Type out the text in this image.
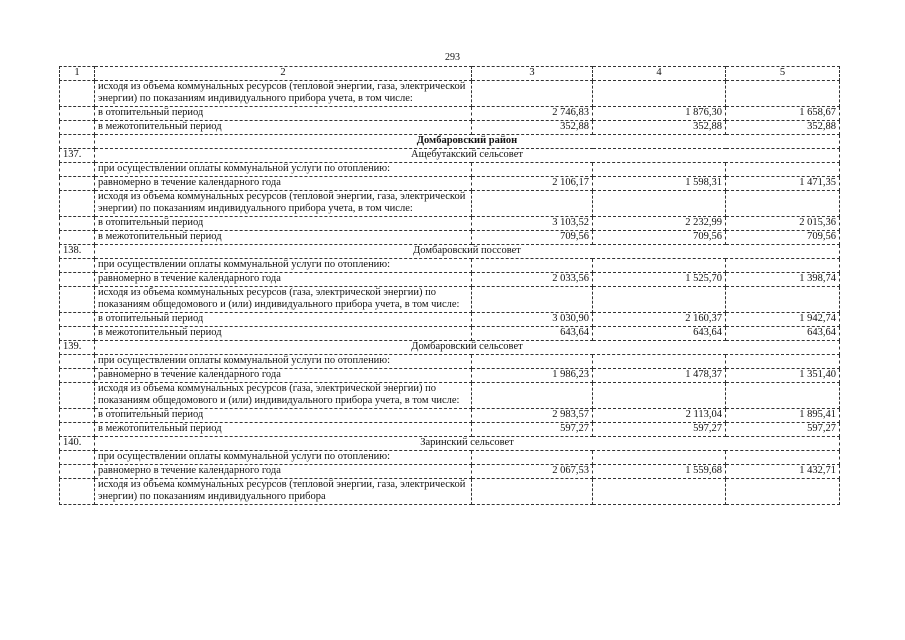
293
1	2	3	4	5
	исходя из объема коммунальных ресурсов (тепловой энергии, газа, электрической энергии) по показаниям индивидуального прибора учета, в том числе:			
	в отопительный период	2 746,83	1 876,30	1 658,67
	в межотопительный период	352,88	352,88	352,88
	Домбаровский район			
137.	Ащебутакский сельсовет			
	при осуществлении оплаты коммунальной услуги по отоплению:			
	равномерно в течение календарного года	2 106,17	1 598,31	1 471,35
	исходя из объема коммунальных ресурсов (тепловой энергии, газа, электрической энергии) по показаниям индивидуального прибора учета, в том числе:			
	в отопительный период	3 103,52	2 232,99	2 015,36
	в межотопительный период	709,56	709,56	709,56
138.	Домбаровский поссовет			
	при осуществлении оплаты коммунальной услуги по отоплению:			
	равномерно в течение календарного года	2 033,56	1 525,70	1 398,74
	исходя из объема коммунальных ресурсов (газа, электрической энергии) по показаниям общедомового и (или) индивидуального прибора учета, в том числе:			
	в отопительный период	3 030,90	2 160,37	1 942,74
	в межотопительный период	643,64	643,64	643,64
139.	Домбаровский сельсовет			
	при осуществлении оплаты коммунальной услуги по отоплению:			
	равномерно в течение календарного года	1 986,23	1 478,37	1 351,40
	исходя из объема коммунальных ресурсов (газа, электрической энергии) по показаниям общедомового и (или) индивидуального прибора учета, в том числе:			
	в отопительный период	2 983,57	2 113,04	1 895,41
	в межотопительный период	597,27	597,27	597,27
140.	Заринский сельсовет			
	при осуществлении оплаты коммунальной услуги по отоплению:			
	равномерно в течение календарного года	2 067,53	1 559,68	1 432,71
	исходя из объема коммунальных ресурсов (тепловой энергии, газа, электрической энергии) по показаниям индивидуального прибора			
